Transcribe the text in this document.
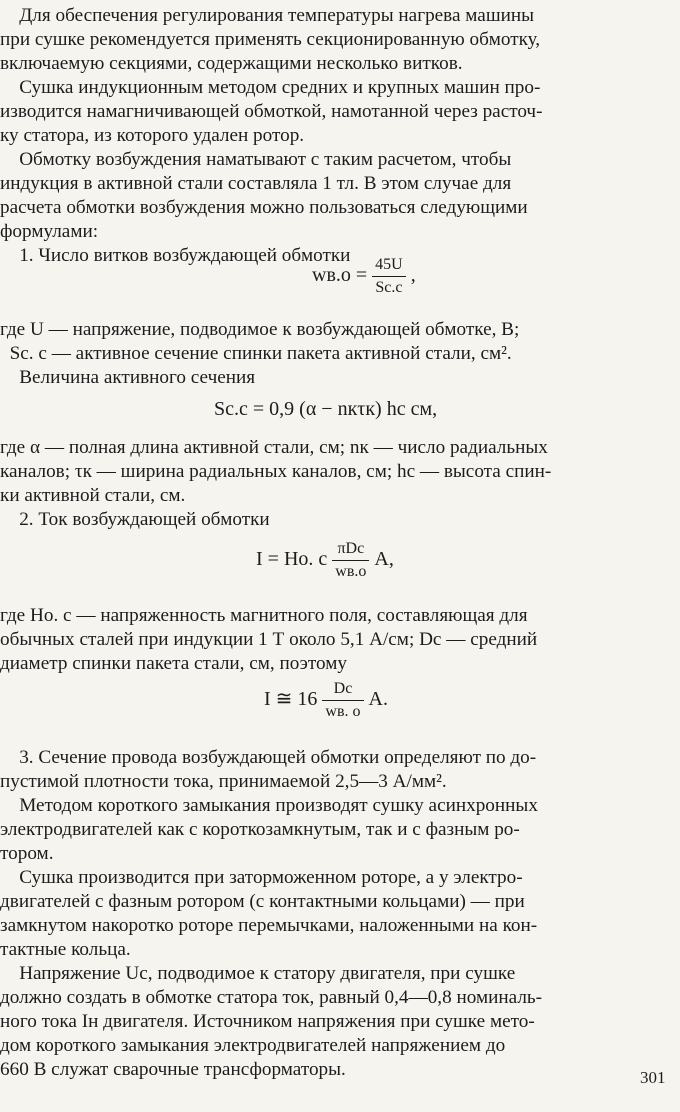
Для обеспечения регулирования температуры нагрева машины
при сушке рекомендуется применять секционированную обмотку,
включаемую секциями, содержащими несколько витков.
Сушка индукционным методом средних и крупных машин про-
изводится намагничивающей обмоткой, намотанной через расточ-
ку статора, из которого удален ротор.
Обмотку возбуждения наматывают с таким расчетом, чтобы
индукция в активной стали составляла 1 тл. В этом случае для
расчета обмотки возбуждения можно пользоваться следующими
формулами:
1. Число витков возбуждающей обмотки
$wв.о = \frac{45U}{Sс.с}$ ,
где U — напряжение, подводимое к возбуждающей обмотке, В;
Sс. с — активное сечение спинки пакета активной стали, см².
Величина активного сечения
Sс.с = 0,9 (α − nкτк) hс см,
где α — полная длина активной стали, см; nк — число радиальных
каналов; τк — ширина радиальных каналов, см; hс — высота спин-
ки активной стали, см.
2. Ток возбуждающей обмотки
I = Hо. с $\frac{\text{πDс}}{wв.о} А$,
где Hо. с — напряженность магнитного поля, составляющая для
обычных сталей при индукции 1 Т около 5,1 А/см; Dс — средний
диаметр спинки пакета стали, см, поэтому
I ≅ $16 \frac{Dс}{wв. о} А$.
3. Сечение провода возбуждающей обмотки определяют по до-
пустимой плотности тока, принимаемой 2,5—3 А/мм².
Методом короткого замыкания производят сушку асинхронных
электродвигателей как с короткозамкнутым, так и с фазным ро-
тором.
Сушка производится при заторможенном роторе, а у электро-
двигателей с фазным ротором (с контактными кольцами) — при
замкнутом накоротко роторе перемычками, наложенными на кон-
тактные кольца.
Напряжение Uс, подводимое к статору двигателя, при сушке
должно создать в обмотке статора ток, равный 0,4—0,8 номиналь-
ного тока Iн двигателя. Источником напряжения при сушке мето-
дом короткого замыкания электродвигателей напряжением до
660 В служат сварочные трансформаторы.	301
